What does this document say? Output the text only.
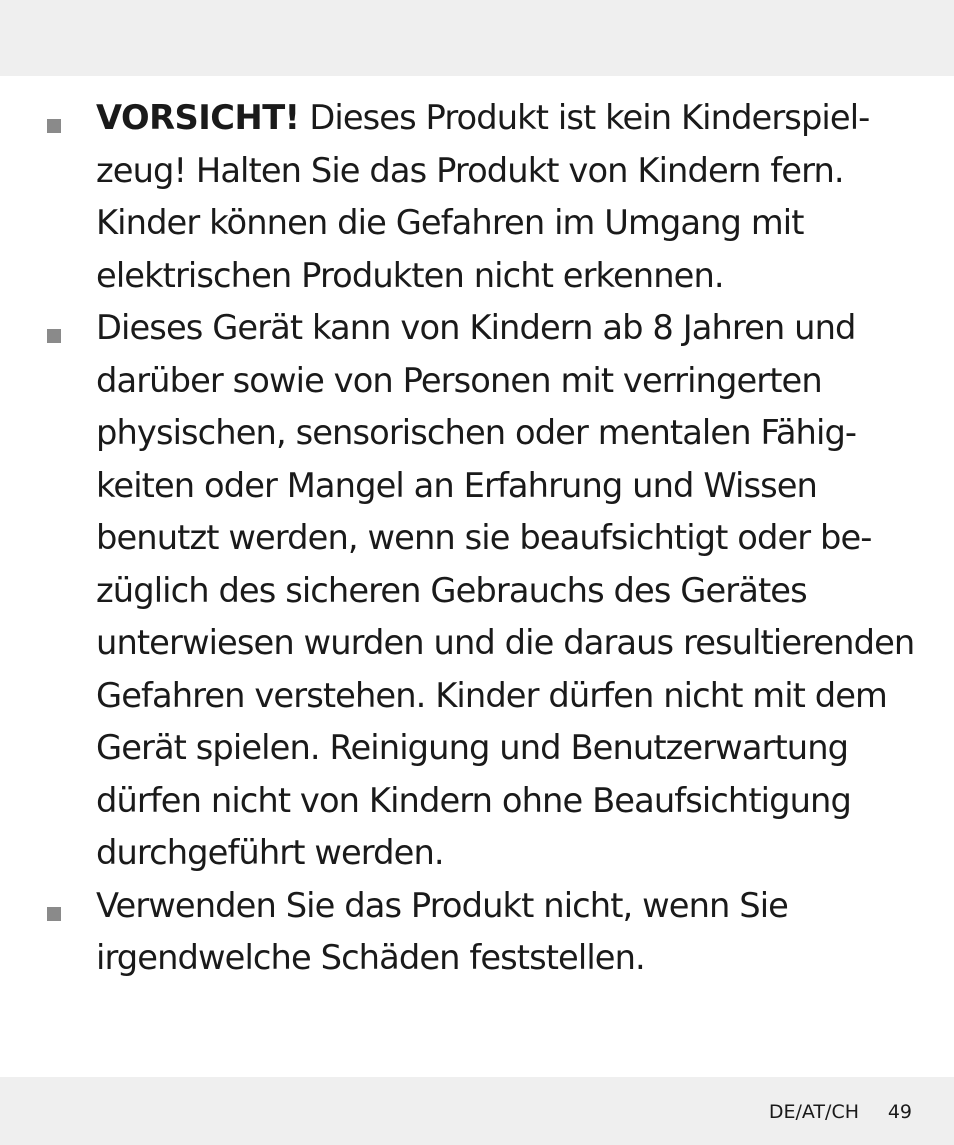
VORSICHT! Dieses Produkt ist kein Kinderspiel-
zeug! Halten Sie das Produkt von Kindern fern.
Kinder können die Gefahren im Umgang mit
elektrischen Produkten nicht erkennen.
Dieses Gerät kann von Kindern ab 8 Jahren und
darüber sowie von Personen mit verringerten
physischen, sensorischen oder mentalen Fähig-
keiten oder Mangel an Erfahrung und Wissen
benutzt werden, wenn sie beaufsichtigt oder be-
züglich des sicheren Gebrauchs des Gerätes
unterwiesen wurden und die daraus resultierenden
Gefahren verstehen. Kinder dürfen nicht mit dem
Gerät spielen. Reinigung und Benutzerwartung
dürfen nicht von Kindern ohne Beaufsichtigung
durchgeführt werden.
Verwenden Sie das Produkt nicht, wenn Sie
irgendwelche Schäden feststellen.
DE/AT/CH 49
